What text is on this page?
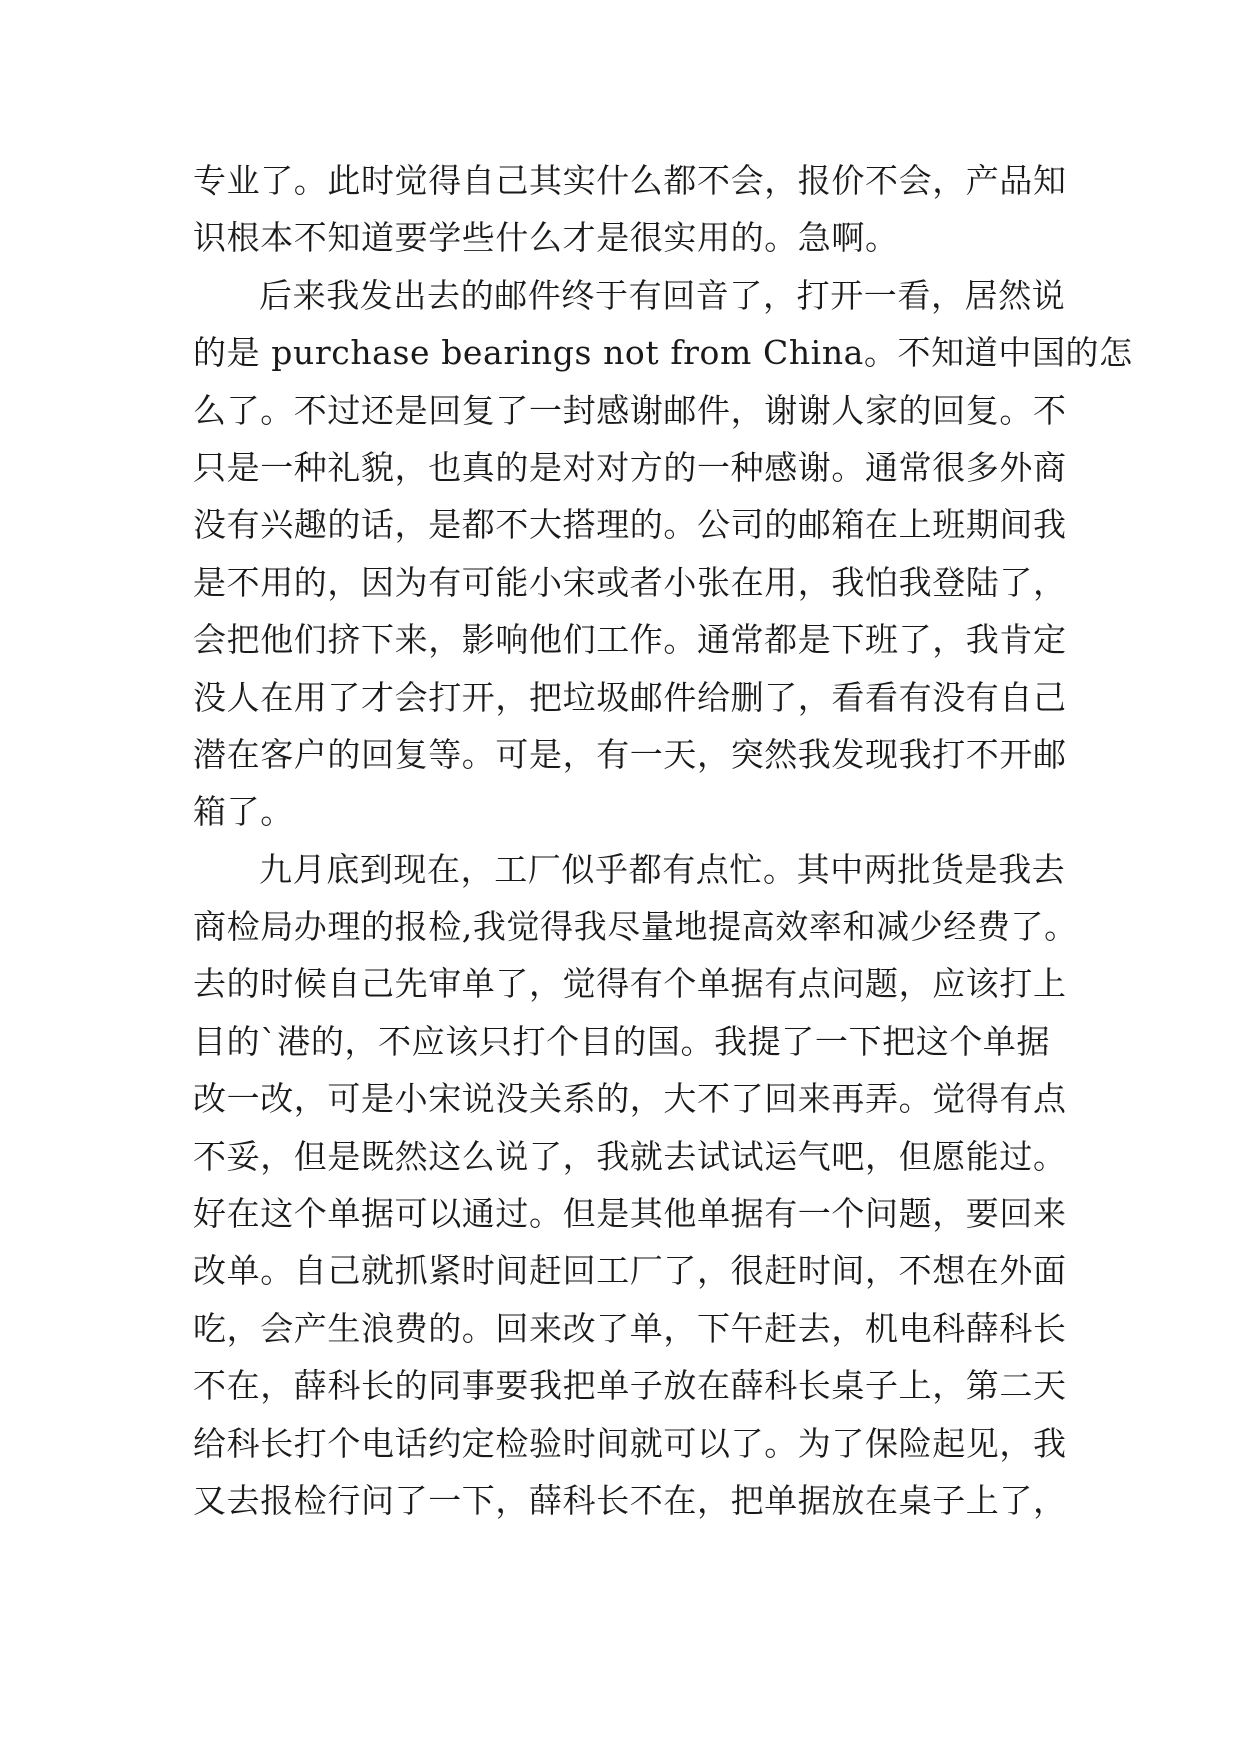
专业了。此时觉得自己其实什么都不会，报价不会，产品知
识根本不知道要学些什么才是很实用的。急啊。
后来我发出去的邮件终于有回音了，打开一看，居然说
的是 purchase bearings not from China。不知道中国的怎
么了。不过还是回复了一封感谢邮件，谢谢人家的回复。不
只是一种礼貌，也真的是对对方的一种感谢。通常很多外商
没有兴趣的话，是都不大搭理的。公司的邮箱在上班期间我
是不用的，因为有可能小宋或者小张在用，我怕我登陆了，
会把他们挤下来，影响他们工作。通常都是下班了，我肯定
没人在用了才会打开，把垃圾邮件给删了，看看有没有自己
潜在客户的回复等。可是，有一天，突然我发现我打不开邮
箱了。
九月底到现在，工厂似乎都有点忙。其中两批货是我去
商检局办理的报检,我觉得我尽量地提高效率和减少经费了。
去的时候自己先审单了，觉得有个单据有点问题，应该打上
目的`港的，不应该只打个目的国。我提了一下把这个单据
改一改，可是小宋说没关系的，大不了回来再弄。觉得有点
不妥，但是既然这么说了，我就去试试运气吧，但愿能过。
好在这个单据可以通过。但是其他单据有一个问题，要回来
改单。自己就抓紧时间赶回工厂了，很赶时间，不想在外面
吃，会产生浪费的。回来改了单，下午赶去，机电科薛科长
不在，薛科长的同事要我把单子放在薛科长桌子上，第二天
给科长打个电话约定检验时间就可以了。为了保险起见，我
又去报检行问了一下，薛科长不在，把单据放在桌子上了，
